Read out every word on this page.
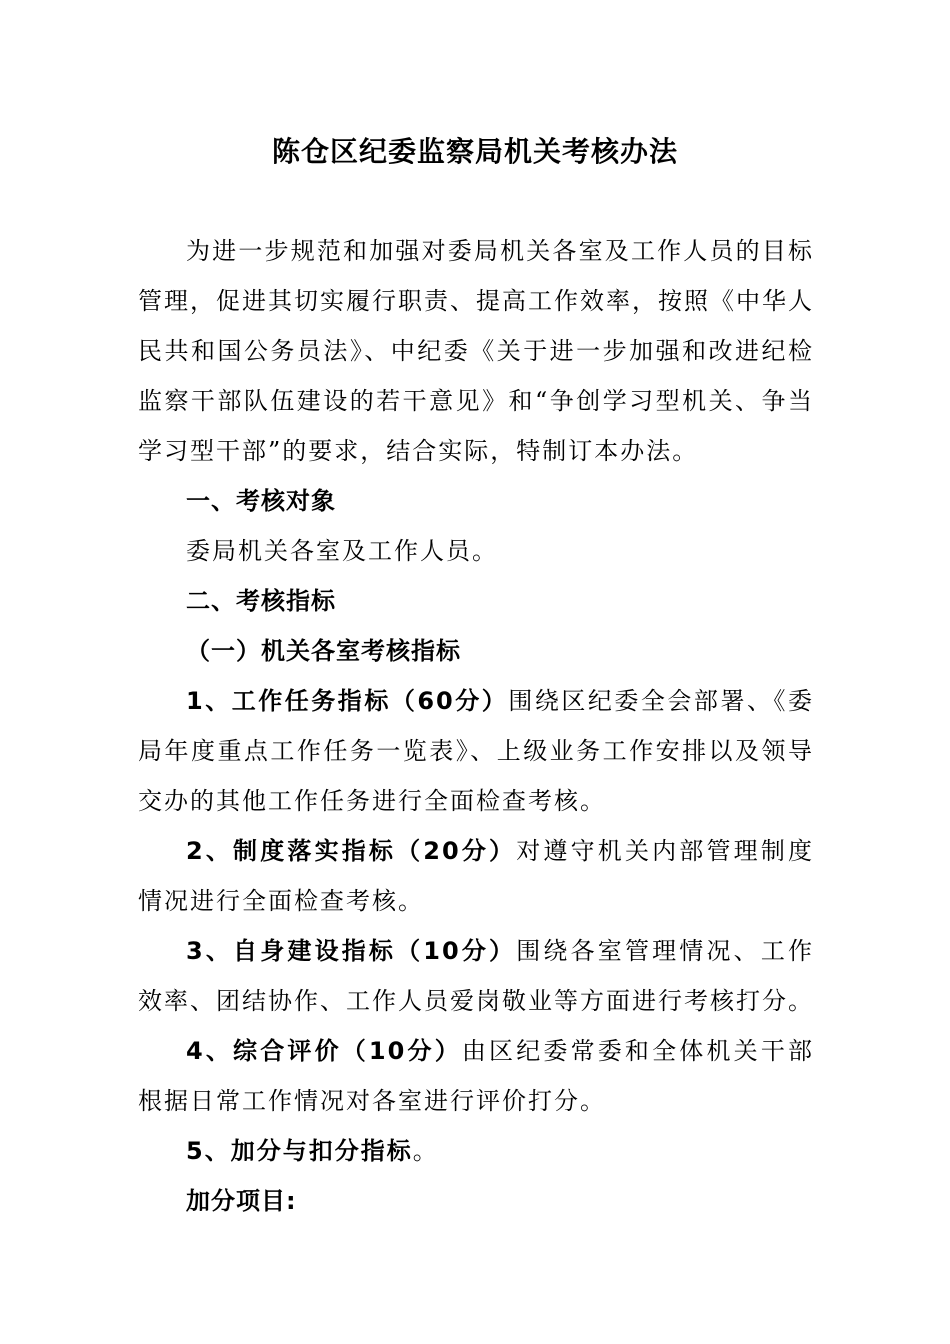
陈仓区纪委监察局机关考核办法

为进一步规范和加强对委局机关各室及工作人员的目标管理，促进其切实履行职责、提高工作效率，按照《中华人民共和国公务员法》、中纪委《关于进一步加强和改进纪检监察干部队伍建设的若干意见》和“争创学习型机关、争当学习型干部”的要求，结合实际，特制订本办法。

一、考核对象

委局机关各室及工作人员。

二、考核指标

（一）机关各室考核指标

1、工作任务指标（60分）围绕区纪委全会部署、《委局年度重点工作任务一览表》、上级业务工作安排以及领导交办的其他工作任务进行全面检查考核。

2、制度落实指标（20分）对遵守机关内部管理制度情况进行全面检查考核。

3、自身建设指标（10分）围绕各室管理情况、工作效率、团结协作、工作人员爱岗敬业等方面进行考核打分。

4、综合评价（10分）由区纪委常委和全体机关干部根据日常工作情况对各室进行评价打分。

5、加分与扣分指标。

加分项目:
